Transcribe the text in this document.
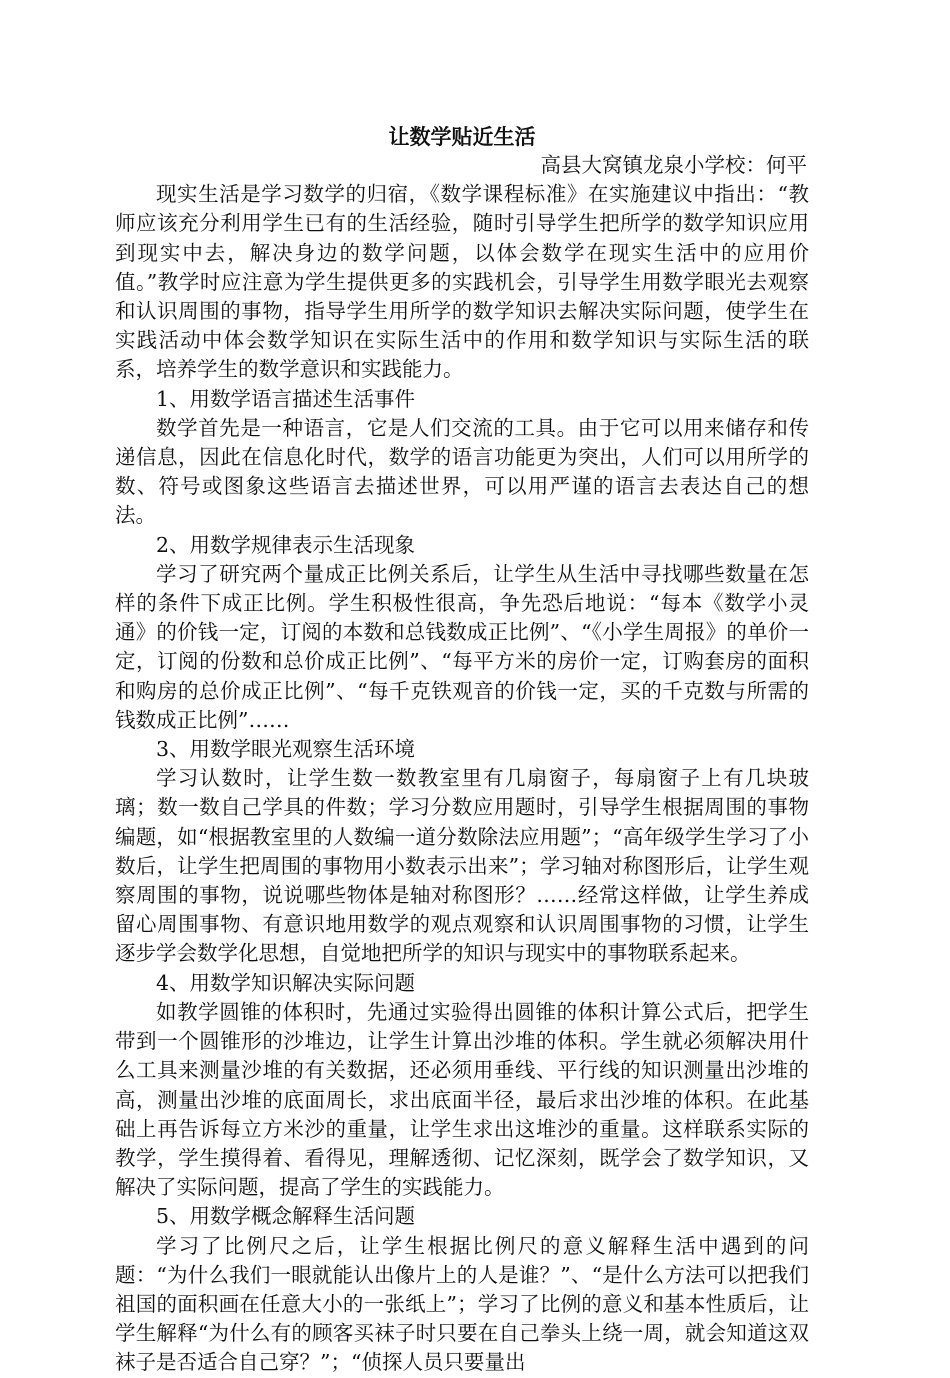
让数学贴近生活

高县大窝镇龙泉小学校：何平

现实生活是学习数学的归宿，《数学课程标准》在实施建议中指出：“教师应该充分利用学生已有的生活经验，随时引导学生把所学的数学知识应用到现实中去，解决身边的数学问题，以体会数学在现实生活中的应用价值。”教学时应注意为学生提供更多的实践机会，引导学生用数学眼光去观察和认识周围的事物，指导学生用所学的数学知识去解决实际问题，使学生在实践活动中体会数学知识在实际生活中的作用和数学知识与实际生活的联系，培养学生的数学意识和实践能力。

1、用数学语言描述生活事件

数学首先是一种语言，它是人们交流的工具。由于它可以用来储存和传递信息，因此在信息化时代，数学的语言功能更为突出，人们可以用所学的数、符号或图象这些语言去描述世界，可以用严谨的语言去表达自己的想法。

2、用数学规律表示生活现象

学习了研究两个量成正比例关系后，让学生从生活中寻找哪些数量在怎样的条件下成正比例。学生积极性很高，争先恐后地说：“每本《数学小灵通》的价钱一定，订阅的本数和总钱数成正比例”、“《小学生周报》的单价一定，订阅的份数和总价成正比例”、“每平方米的房价一定，订购套房的面积和购房的总价成正比例”、“每千克铁观音的价钱一定，买的千克数与所需的钱数成正比例”……

3、用数学眼光观察生活环境

学习认数时，让学生数一数教室里有几扇窗子，每扇窗子上有几块玻璃；数一数自己学具的件数；学习分数应用题时，引导学生根据周围的事物编题，如“根据教室里的人数编一道分数除法应用题”；“高年级学生学习了小数后，让学生把周围的事物用小数表示出来”；学习轴对称图形后，让学生观察周围的事物，说说哪些物体是轴对称图形？……经常这样做，让学生养成留心周围事物、有意识地用数学的观点观察和认识周围事物的习惯，让学生逐步学会数学化思想，自觉地把所学的知识与现实中的事物联系起来。

4、用数学知识解决实际问题

如教学圆锥的体积时，先通过实验得出圆锥的体积计算公式后，把学生带到一个圆锥形的沙堆边，让学生计算出沙堆的体积。学生就必须解决用什么工具来测量沙堆的有关数据，还必须用垂线、平行线的知识测量出沙堆的高，测量出沙堆的底面周长，求出底面半径，最后求出沙堆的体积。在此基础上再告诉每立方米沙的重量，让学生求出这堆沙的重量。这样联系实际的教学，学生摸得着、看得见，理解透彻、记忆深刻，既学会了数学知识，又解决了实际问题，提高了学生的实践能力。

5、用数学概念解释生活问题

学习了比例尺之后，让学生根据比例尺的意义解释生活中遇到的问题：“为什么我们一眼就能认出像片上的人是谁？”、“是什么方法可以把我们祖国的面积画在任意大小的一张纸上”；学习了比例的意义和基本性质后，让学生解释“为什么有的顾客买袜子时只要在自己拳头上绕一周，就会知道这双袜子是否适合自己穿？”；“侦探人员只要量出
